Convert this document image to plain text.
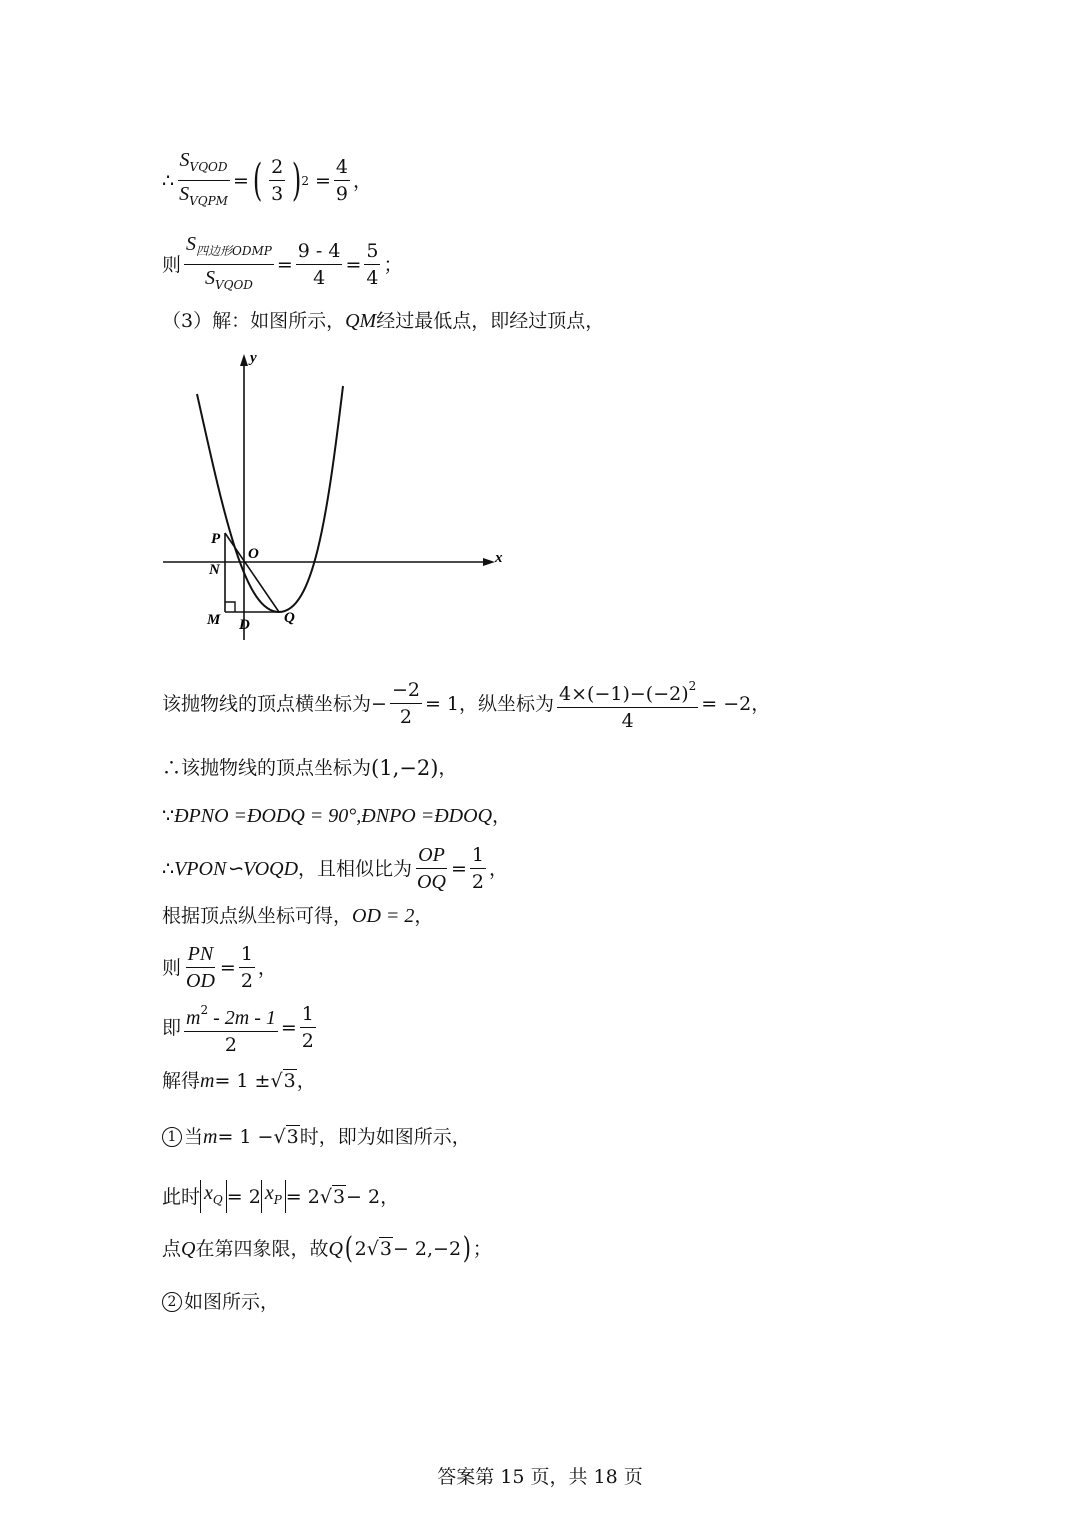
∴ $\frac{S_{VQOD}}{S_{VQPM}}$ = ( $\frac{2}{3}$ ) $2 = \frac{4}{9}$ ，
则 $\frac{S_{四边形ODMP}}{S_{VQOD}} = \frac{9 - 4}{4} = \frac{5}{4}$ ；
（3）解：如图所示， QM 经过最低点，即经过顶点，
y
x
P
O
N
M D Q
该抛物线的顶点横坐标为 − $\frac{-2}{2} = 1$ ，纵坐标为 $\frac{4\times(-1)-(-2)^2}{4} = -2$ ，
∴该抛物线的顶点坐标为 (1,−2) ，
∵ ÐPNO =ÐODQ = 90°,ÐNPO =ÐDOQ ，
∴ VPON∽VOQD ，且相似比为 $\frac{OP}{OQ} = \frac{1}{2}$ ，
根据顶点纵坐标可得， OD = 2 ，
则 $\frac{PN}{OD} = \frac{1}{2}$ ，
即 $\frac{m^2 - 2m - 1}{2} = \frac{1}{2}$
解得 m = 1 ± √3 ，
1 当 m = 1 − √3 时，即为如图所示，
此时 $x_Q = 2$ $x_P = 2$ √3 − 2 ，
点 Q 在第四象限，故 Q ( 2 √3 − 2,−2 ) ；
2 如图所示，
答案第 15 页，共 18 页
